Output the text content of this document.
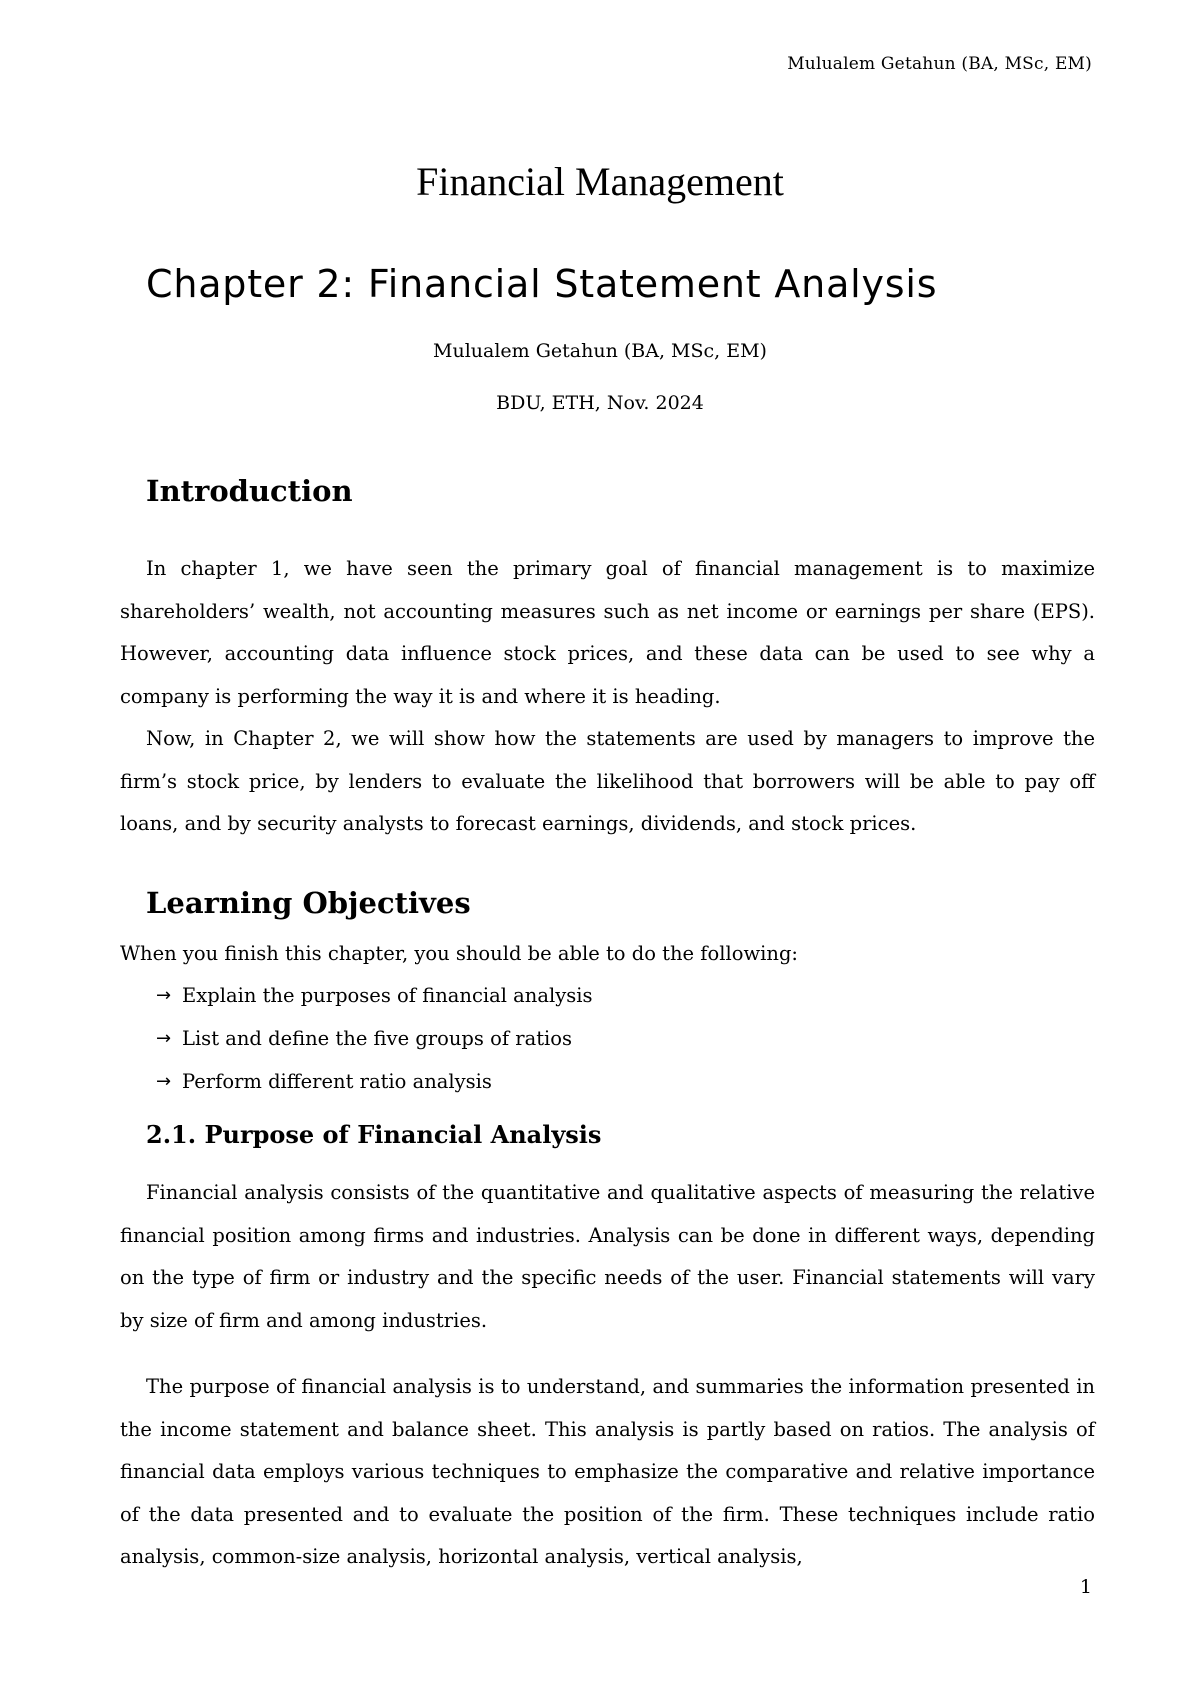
Mulualem Getahun (BA, MSc, EM)
Financial Management
Chapter 2: Financial Statement Analysis
Mulualem Getahun (BA, MSc, EM)
BDU, ETH, Nov. 2024
Introduction

In chapter 1, we have seen the primary goal of financial management is to maximize shareholders’ wealth, not accounting measures such as net income or earnings per share (EPS). However, accounting data influence stock prices, and these data can be used to see why a company is performing the way it is and where it is heading.

Now, in Chapter 2, we will show how the statements are used by managers to improve the firm’s stock price, by lenders to evaluate the likelihood that borrowers will be able to pay off loans, and by security analysts to forecast earnings, dividends, and stock prices.

Learning Objectives
When you finish this chapter, you should be able to do the following:
→ Explain the purposes of financial analysis
→ List and define the five groups of ratios
→ Perform different ratio analysis
2.1. Purpose of Financial Analysis

Financial analysis consists of the quantitative and qualitative aspects of measuring the relative financial position among firms and industries. Analysis can be done in different ways, depending on the type of firm or industry and the specific needs of the user. Financial statements will vary by size of firm and among industries.

The purpose of financial analysis is to understand, and summaries the information presented in the income statement and balance sheet. This analysis is partly based on ratios. The analysis of financial data employs various techniques to emphasize the comparative and relative importance of the data presented and to evaluate the position of the firm. These techniques include ratio analysis, common-size analysis, horizontal analysis, vertical analysis,

1
